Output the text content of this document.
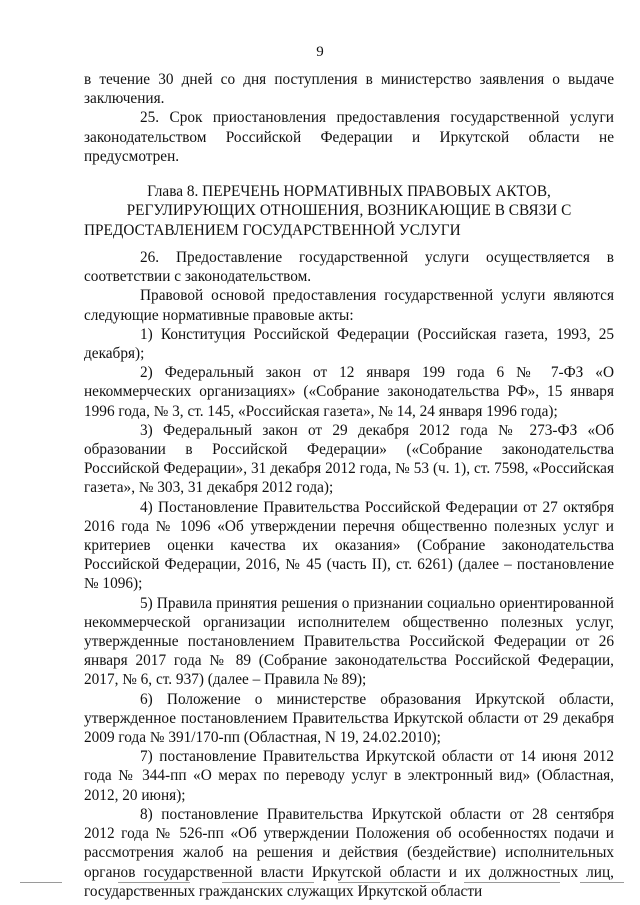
9

в течение 30 дней со дня поступления в министерство заявления о выдаче заключения.

25. Срок приостановления предоставления государственной услуги законодательством Российской Федерации и Иркутской области не предусмотрен.

Глава 8. ПЕРЕЧЕНЬ НОРМАТИВНЫХ ПРАВОВЫХ АКТОВ, РЕГУЛИРУЮЩИХ ОТНОШЕНИЯ, ВОЗНИКАЮЩИЕ В СВЯЗИ С ПРЕДОСТАВЛЕНИЕМ ГОСУДАРСТВЕННОЙ УСЛУГИ

26. Предоставление государственной услуги осуществляется в соответствии с законодательством.

Правовой основой предоставления государственной услуги являются следующие нормативные правовые акты:

1) Конституция Российской Федерации (Российская газета, 1993, 25 декабря);

2) Федеральный закон от 12 января 199 года 6 № 7-ФЗ «О некоммерческих организациях» («Собрание законодательства РФ», 15 января 1996 года, № 3, ст. 145, «Российская газета», № 14, 24 января 1996 года);

3) Федеральный закон от 29 декабря 2012 года № 273-ФЗ «Об образовании в Российской Федерации» («Собрание законодательства Российской Федерации», 31 декабря 2012 года, № 53 (ч. 1), ст. 7598, «Российская газета», № 303, 31 декабря 2012 года);

4) Постановление Правительства Российской Федерации от 27 октября 2016 года № 1096 «Об утверждении перечня общественно полезных услуг и критериев оценки качества их оказания» (Собрание законодательства Российской Федерации, 2016, № 45 (часть II), ст. 6261) (далее – постановление № 1096);

5) Правила принятия решения о признании социально ориентированной некоммерческой организации исполнителем общественно полезных услуг, утвержденные постановлением Правительства Российской Федерации от 26 января 2017 года № 89 (Собрание законодательства Российской Федерации, 2017, № 6, ст. 937) (далее – Правила № 89);

6) Положение о министерстве образования Иркутской области, утвержденное постановлением Правительства Иркутской области от 29 декабря 2009 года № 391/170-пп (Областная, N 19, 24.02.2010);

7) постановление Правительства Иркутской области от 14 июня 2012 года № 344-пп «О мерах по переводу услуг в электронный вид» (Областная, 2012, 20 июня);

8) постановление Правительства Иркутской области от 28 сентября 2012 года № 526-пп «Об утверждении Положения об особенностях подачи и рассмотрения жалоб на решения и действия (бездействие) исполнительных органов государственной власти Иркутской области и их должностных лиц, государственных гражданских служащих Иркутской области
